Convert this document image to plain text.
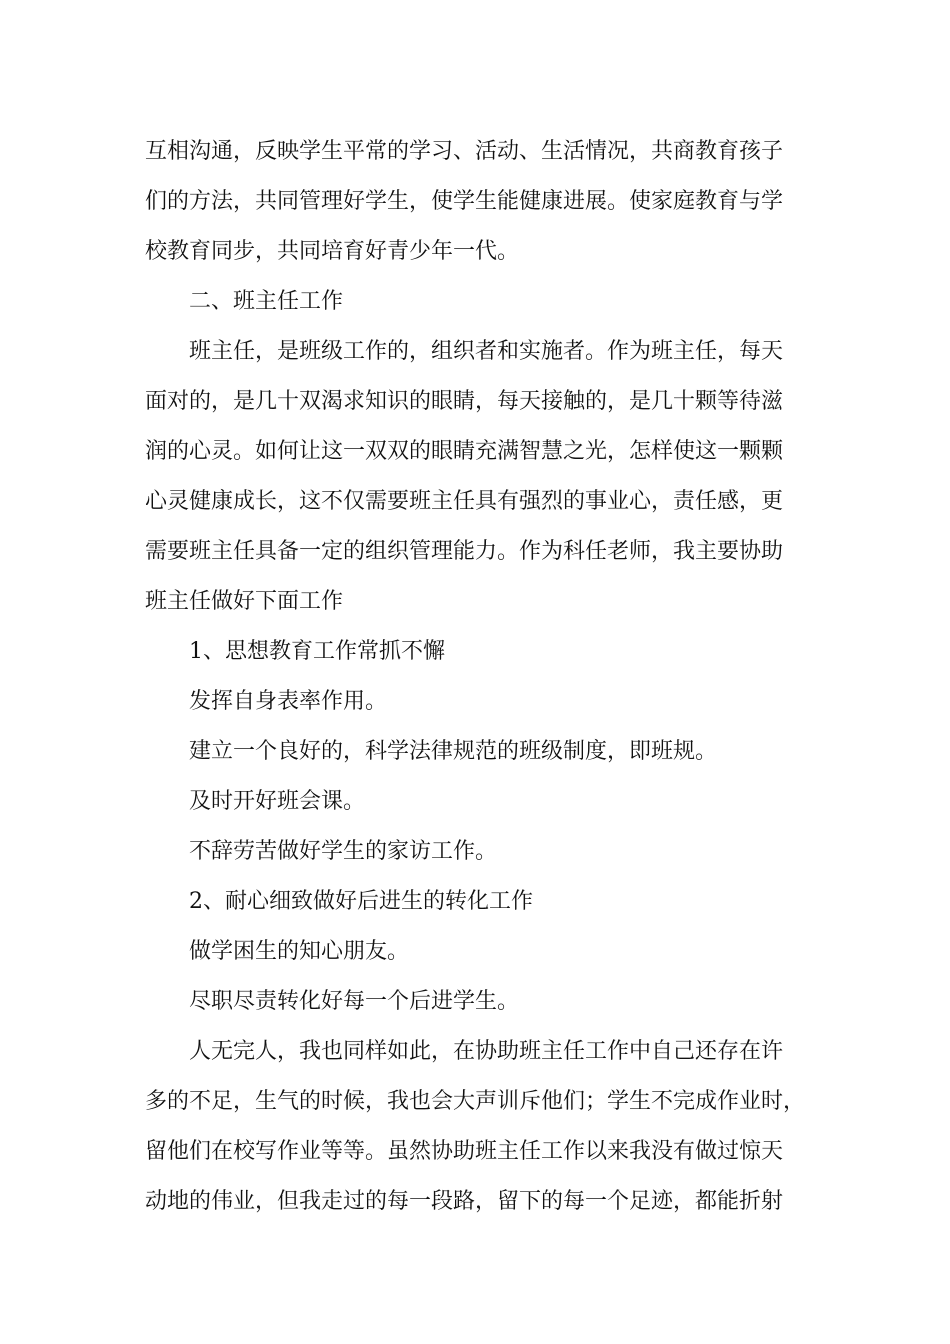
互相沟通，反映学生平常的学习、活动、生活情况，共商教育孩子
们的方法，共同管理好学生，使学生能健康进展。使家庭教育与学
校教育同步，共同培育好青少年一代。
二、班主任工作
班主任，是班级工作的，组织者和实施者。作为班主任，每天
面对的，是几十双渴求知识的眼睛，每天接触的，是几十颗等待滋
润的心灵。如何让这一双双的眼睛充满智慧之光，怎样使这一颗颗
心灵健康成长，这不仅需要班主任具有强烈的事业心，责任感，更
需要班主任具备一定的组织管理能力。作为科任老师，我主要协助
班主任做好下面工作
1、思想教育工作常抓不懈
发挥自身表率作用。
建立一个良好的，科学法律规范的班级制度，即班规。
及时开好班会课。
不辞劳苦做好学生的家访工作。
2、耐心细致做好后进生的转化工作
做学困生的知心朋友。
尽职尽责转化好每一个后进学生。
人无完人，我也同样如此，在协助班主任工作中自己还存在许
多的不足，生气的时候，我也会大声训斥他们；学生不完成作业时，
留他们在校写作业等等。虽然协助班主任工作以来我没有做过惊天
动地的伟业，但我走过的每一段路，留下的每一个足迹，都能折射
